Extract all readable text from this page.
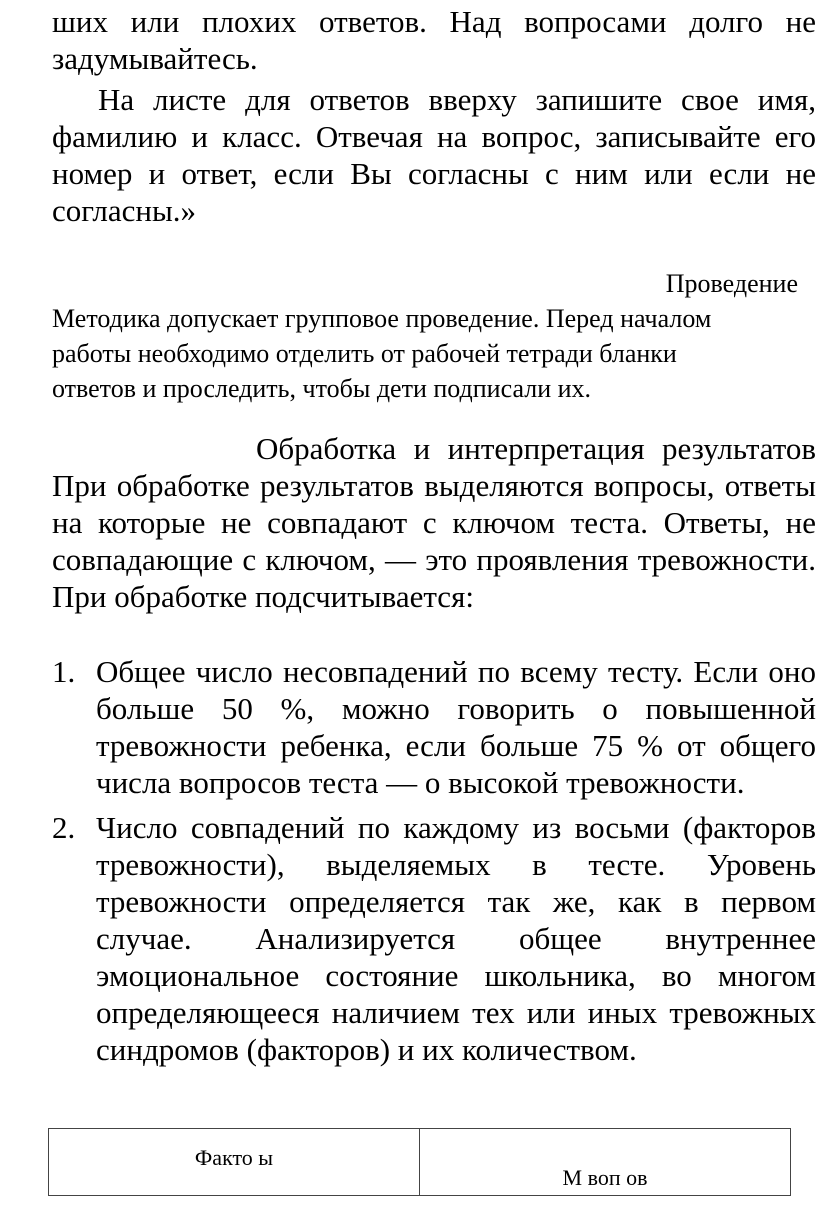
ших или плохих ответов. Над вопросами долго не задумывайтесь.

На листе для ответов вверху запишите свое имя, фамилию и класс. Отвечая на вопрос, записывайте его номер и ответ, если Вы согласны с ним или если не согласны.»

Проведение

Методика допускает групповое проведение. Перед началом работы необходимо отделить от рабочей тетради бланки ответов и проследить, чтобы дети подписали их.

Обработка и интерпретация результатов При обработке результатов выделяются вопросы, ответы на которые не совпадают с ключом теста. Ответы, не совпадающие с ключом, — это проявления тревожности. При обработке подсчитывается:

1. Общее число несовпадений по всему тесту. Если оно больше 50 %, можно говорить о повышенной тревожности ребенка, если больше 75 % от общего числа вопросов теста — о высокой тревожности.
2. Число совпадений по каждому из восьми (факторов тревожности), выделяемых в тесте. Уровень тревожности определяется так же, как в первом случае. Анализируется общее внутреннее эмоциональное состояние школьника, во многом определяющееся наличием тех или иных тревожных синдромов (факторов) и их количеством.
Факто ы	М воп ов
